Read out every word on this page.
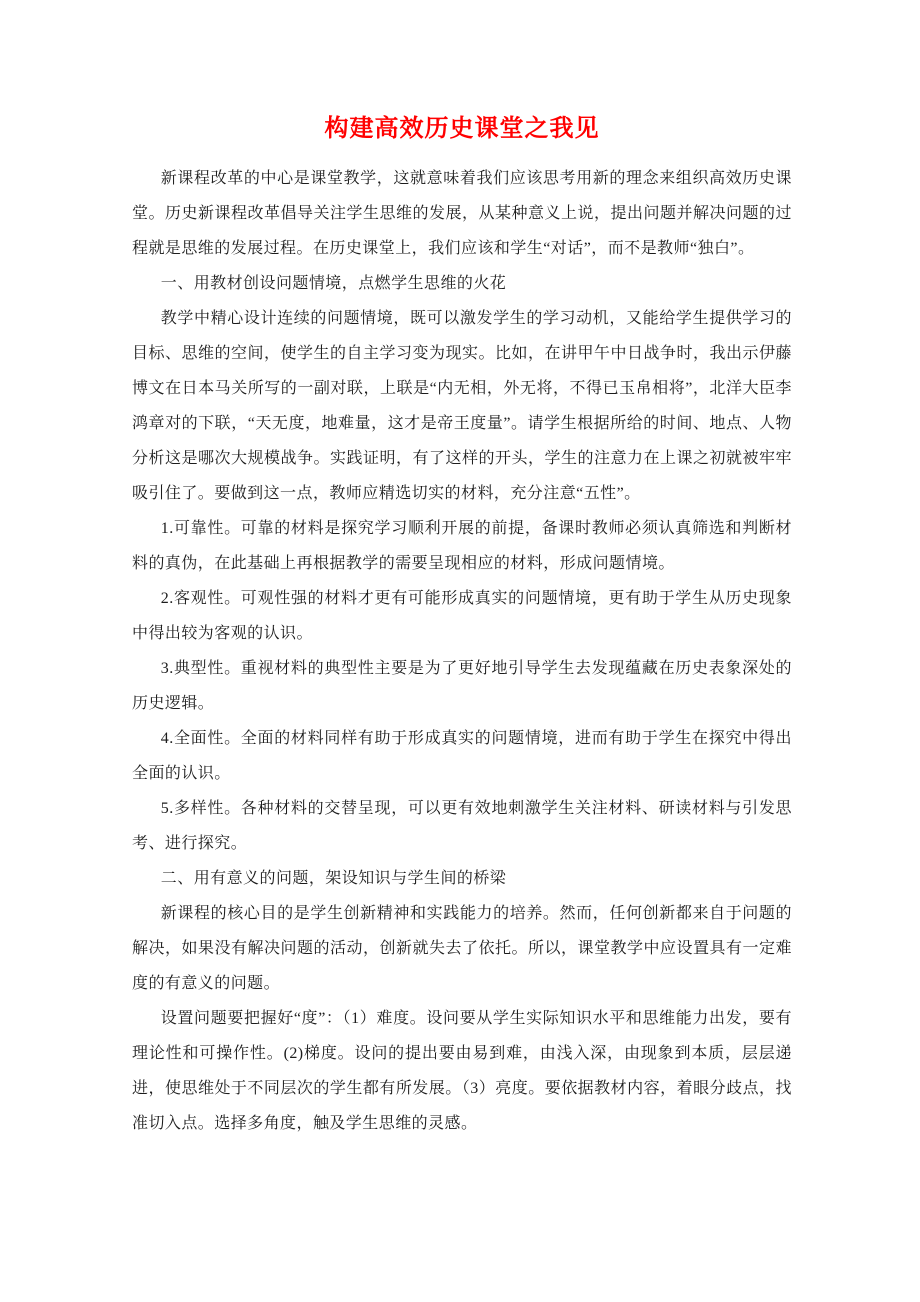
构建高效历史课堂之我见

新课程改革的中心是课堂教学，这就意味着我们应该思考用新的理念来组织高效历史课堂。历史新课程改革倡导关注学生思维的发展，从某种意义上说，提出问题并解决问题的过程就是思维的发展过程。在历史课堂上，我们应该和学生“对话”，而不是教师“独白”。

一、用教材创设问题情境，点燃学生思维的火花

教学中精心设计连续的问题情境，既可以激发学生的学习动机，又能给学生提供学习的目标、思维的空间，使学生的自主学习变为现实。比如，在讲甲午中日战争时，我出示伊藤博文在日本马关所写的一副对联，上联是“内无相，外无将，不得已玉帛相将”，北洋大臣李鸿章对的下联，“天无度，地难量，这才是帝王度量”。请学生根据所给的时间、地点、人物分析这是哪次大规模战争。实践证明，有了这样的开头，学生的注意力在上课之初就被牢牢吸引住了。要做到这一点，教师应精选切实的材料，充分注意“五性”。

1.可靠性。可靠的材料是探究学习顺利开展的前提，备课时教师必须认真筛选和判断材料的真伪，在此基础上再根据教学的需要呈现相应的材料，形成问题情境。

2.客观性。可观性强的材料才更有可能形成真实的问题情境，更有助于学生从历史现象中得出较为客观的认识。

3.典型性。重视材料的典型性主要是为了更好地引导学生去发现蕴藏在历史表象深处的历史逻辑。

4.全面性。全面的材料同样有助于形成真实的问题情境，进而有助于学生在探究中得出全面的认识。

5.多样性。各种材料的交替呈现，可以更有效地刺激学生关注材料、研读材料与引发思考、进行探究。

二、用有意义的问题，架设知识与学生间的桥梁

新课程的核心目的是学生创新精神和实践能力的培养。然而，任何创新都来自于问题的解决，如果没有解决问题的活动，创新就失去了依托。所以，课堂教学中应设置具有一定难度的有意义的问题。

设置问题要把握好“度”：（1）难度。设问要从学生实际知识水平和思维能力出发，要有理论性和可操作性。(2)梯度。设问的提出要由易到难，由浅入深，由现象到本质，层层递进，使思维处于不同层次的学生都有所发展。（3）亮度。要依据教材内容，着眼分歧点，找准切入点。选择多角度，触及学生思维的灵感。
